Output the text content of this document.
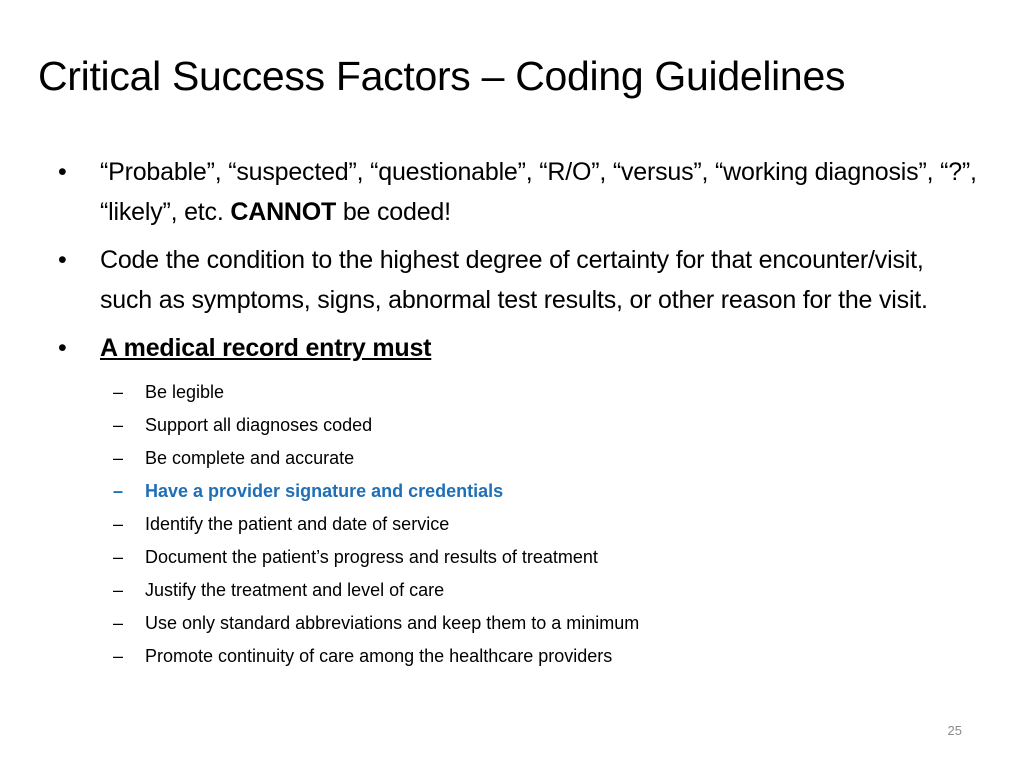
Critical Success Factors – Coding Guidelines
• “Probable”, “suspected”, “questionable”, “R/O”, “versus”, “working diagnosis”, “?”, “likely”, etc. CANNOT be coded!
• Code the condition to the highest degree of certainty for that encounter/visit, such as symptoms, signs, abnormal test results, or other reason for the visit.
• A medical record entry must
– Be legible
– Support all diagnoses coded
– Be complete and accurate
– Have a provider signature and credentials
– Identify the patient and date of service
– Document the patient’s progress and results of treatment
– Justify the treatment and level of care
– Use only standard abbreviations and keep them to a minimum
– Promote continuity of care among the healthcare providers
25
